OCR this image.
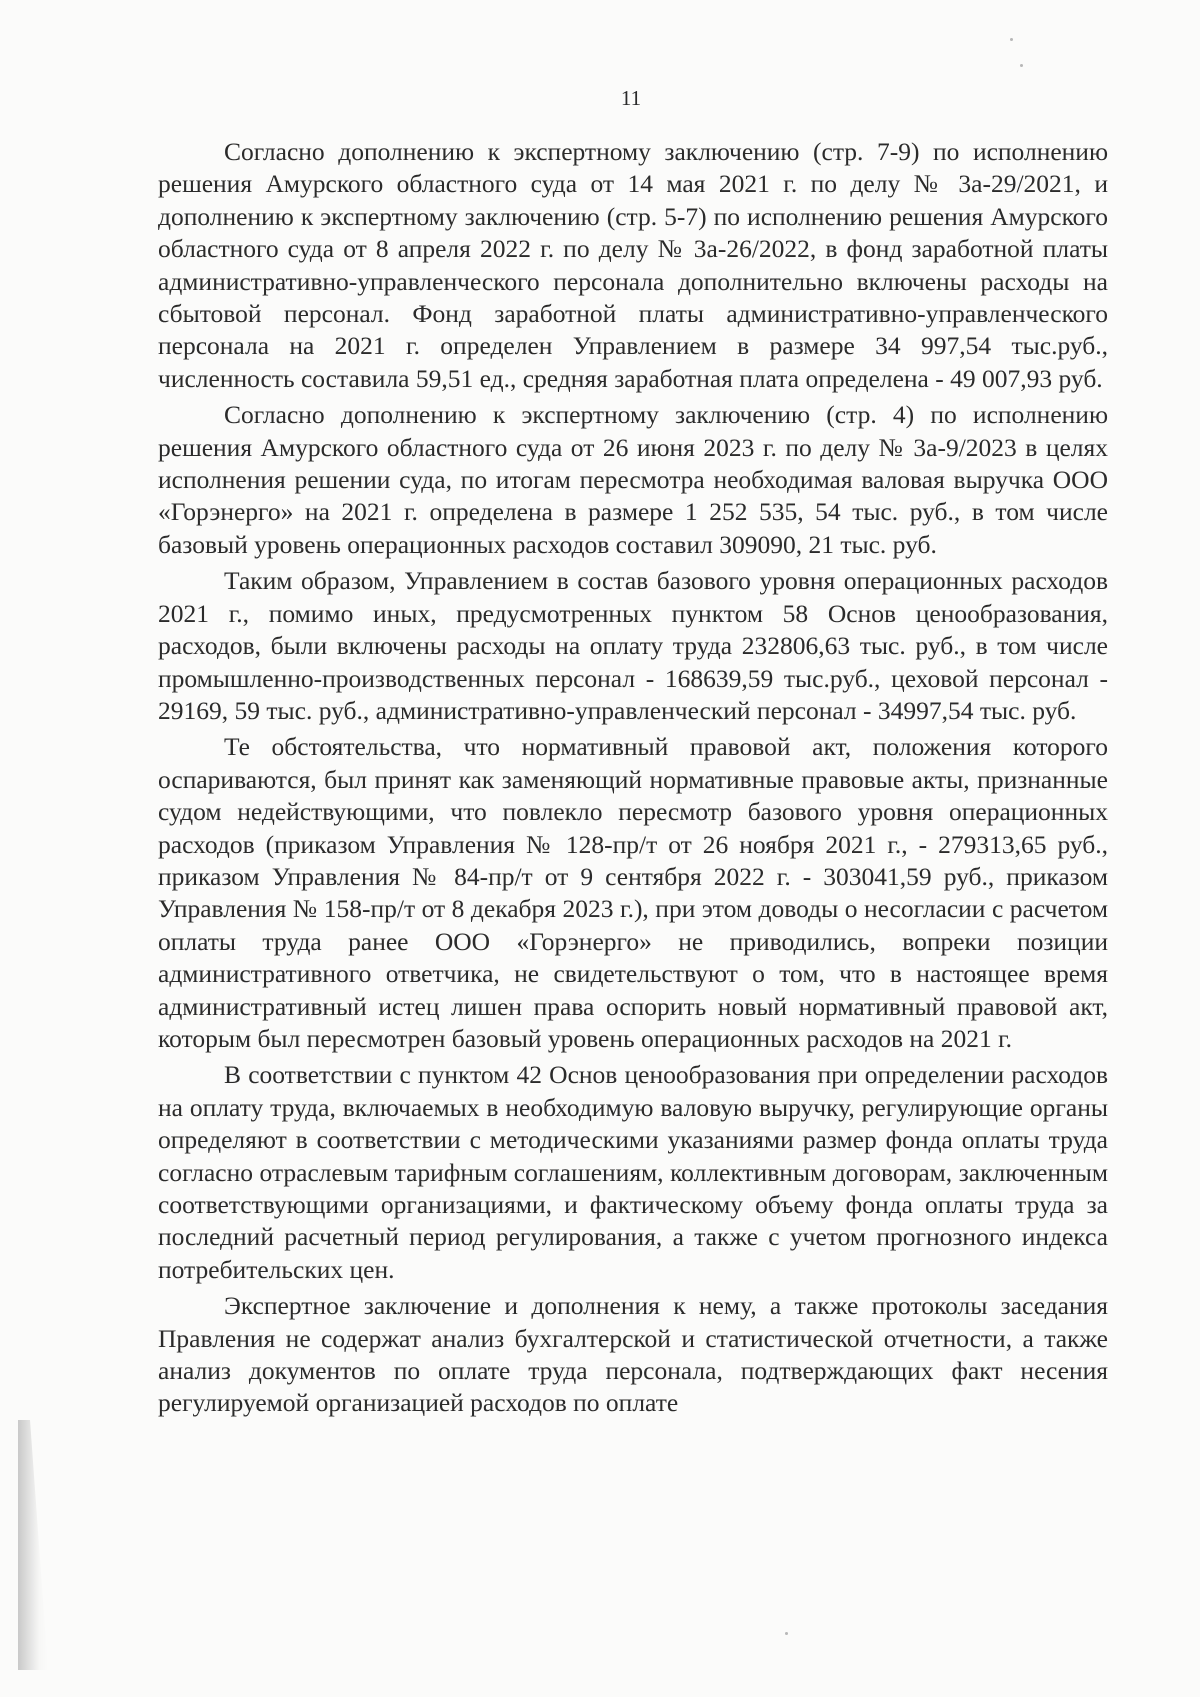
11

Согласно дополнению к экспертному заключению (стр. 7-9) по исполнению решения Амурского областного суда от 14 мая 2021 г. по делу № 3а-29/2021, и дополнению к экспертному заключению (стр. 5-7) по исполнению решения Амурского областного суда от 8 апреля 2022 г. по делу № 3а-26/2022, в фонд заработной платы административно-управленческого персонала дополнительно включены расходы на сбытовой персонал. Фонд заработной платы административно-управленческого персонала на 2021 г. определен Управлением в размере 34 997,54 тыс.руб., численность составила 59,51 ед., средняя заработная плата определена - 49 007,93 руб.

Согласно дополнению к экспертному заключению (стр. 4) по исполнению решения Амурского областного суда от 26 июня 2023 г. по делу № 3а-9/2023 в целях исполнения решении суда, по итогам пересмотра необходимая валовая выручка ООО «Горэнерго» на 2021 г. определена в размере 1 252 535, 54 тыс. руб., в том числе базовый уровень операционных расходов составил 309090, 21 тыс. руб.

Таким образом, Управлением в состав базового уровня операционных расходов 2021 г., помимо иных, предусмотренных пунктом 58 Основ ценообразования, расходов, были включены расходы на оплату труда 232806,63 тыс. руб., в том числе промышленно-производственных персонал - 168639,59 тыс.руб., цеховой персонал - 29169, 59 тыс. руб., административно-управленческий персонал - 34997,54 тыс. руб.

Те обстоятельства, что нормативный правовой акт, положения которого оспариваются, был принят как заменяющий нормативные правовые акты, признанные судом недействующими, что повлекло пересмотр базового уровня операционных расходов (приказом Управления № 128-пр/т от 26 ноября 2021 г., - 279313,65 руб., приказом Управления № 84-пр/т от 9 сентября 2022 г. - 303041,59 руб., приказом Управления № 158-пр/т от 8 декабря 2023 г.), при этом доводы о несогласии с расчетом оплаты труда ранее ООО «Горэнерго» не приводились, вопреки позиции административного ответчика, не свидетельствуют о том, что в настоящее время административный истец лишен права оспорить новый нормативный правовой акт, которым был пересмотрен базовый уровень операционных расходов на 2021 г.

В соответствии с пунктом 42 Основ ценообразования при определении расходов на оплату труда, включаемых в необходимую валовую выручку, регулирующие органы определяют в соответствии с методическими указаниями размер фонда оплаты труда согласно отраслевым тарифным соглашениям, коллективным договорам, заключенным соответствующими организациями, и фактическому объему фонда оплаты труда за последний расчетный период регулирования, а также с учетом прогнозного индекса потребительских цен.

Экспертное заключение и дополнения к нему, а также протоколы заседания Правления не содержат анализ бухгалтерской и статистической отчетности, а также анализ документов по оплате труда персонала, подтверждающих факт несения регулируемой организацией расходов по оплате
